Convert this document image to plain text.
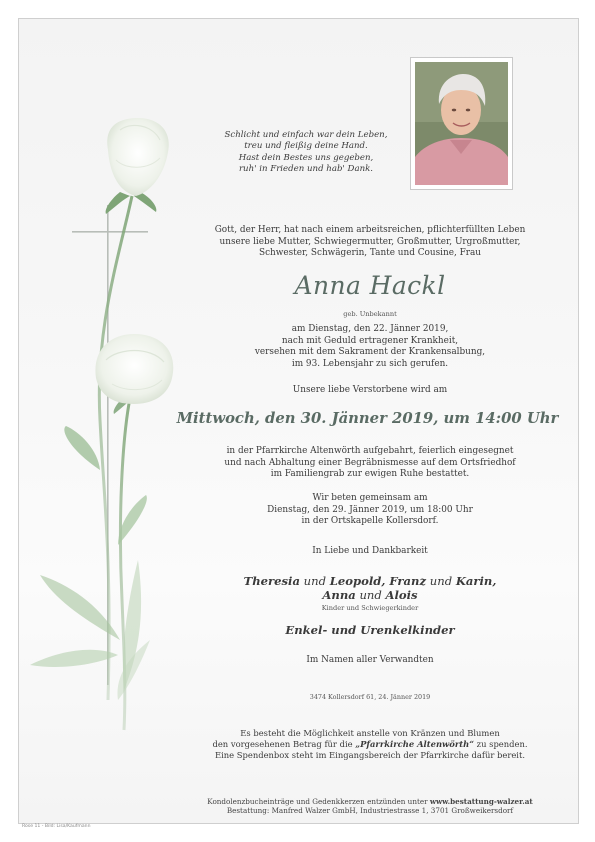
Schlicht und einfach war dein Leben,
treu und fleißig deine Hand.
Hast dein Bestes uns gegeben,
ruh' in Frieden und hab' Dank.
Gott, der Herr, hat nach einem arbeitsreichen, pflichterfüllten Leben
unsere liebe Mutter, Schwiegermutter, Großmutter, Urgroßmutter,
Schwester, Schwägerin, Tante und Cousine, Frau
Anna Hackl
geb. Unbekannt
am Dienstag, den 22. Jänner 2019,
nach mit Geduld ertragener Krankheit,
versehen mit dem Sakrament der Krankensalbung,
im 93. Lebensjahr zu sich gerufen.
Unsere liebe Verstorbene wird am
Mittwoch, den 30. Jänner 2019, um 14:00 Uhr
in der Pfarrkirche Altenwörth aufgebahrt, feierlich eingesegnet
und nach Abhaltung einer Begräbnismesse auf dem Ortsfriedhof
im Familiengrab zur ewigen Ruhe bestattet.
Wir beten gemeinsam am
Dienstag, den 29. Jänner 2019, um 18:00 Uhr
in der Ortskapelle Kollersdorf.
In Liebe und Dankbarkeit
Theresia und Leopold, Franz und Karin,
Anna und Alois
Kinder und Schwiegerkinder
Enkel- und Urenkelkinder
Im Namen aller Verwandten
3474 Kollersdorf 61, 24. Jänner 2019
Es besteht die Möglichkeit anstelle von Kränzen und Blumen
den vorgesehenen Betrag für die „Pfarrkirche Altenwörth“ zu spenden.
Eine Spendenbox steht im Eingangsbereich der Pfarrkirche dafür bereit.
Kondolenzbucheinträge und Gedenkkerzen entzünden unter www.bestattung-walzer.at
Bestattung: Manfred Walzer GmbH, Industriestrasse 1, 3701 Großweikersdorf
Rose 11 - Bild: Lisa/Kaufmann
